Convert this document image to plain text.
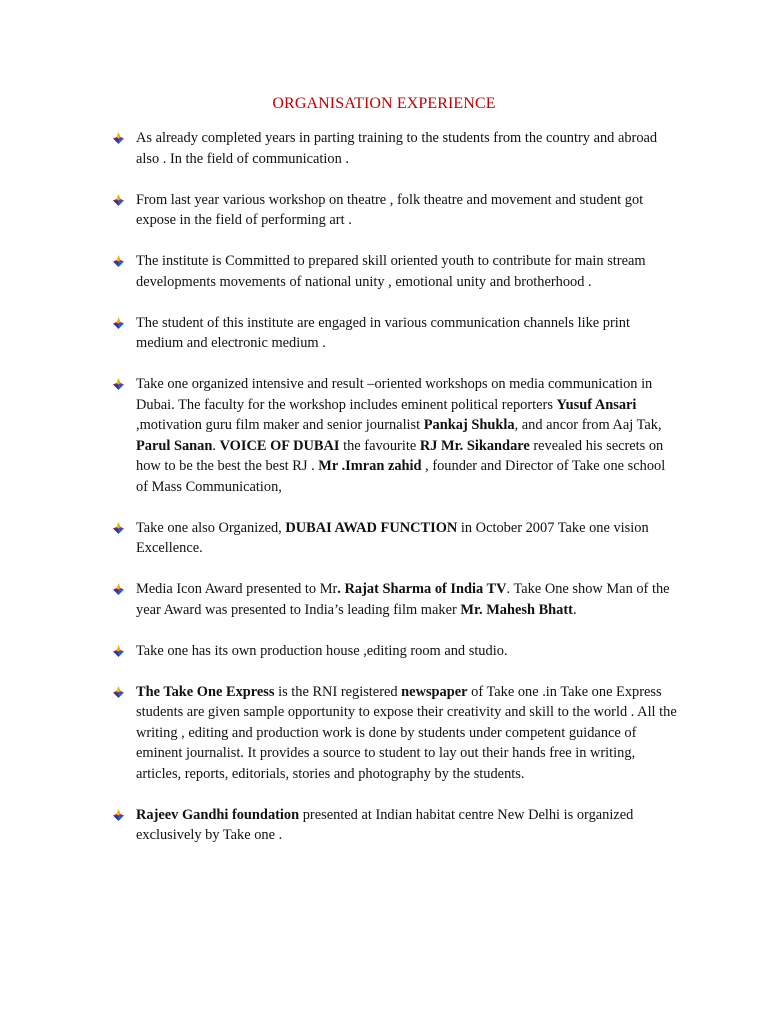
ORGANISATION EXPERIENCE
As already completed years in parting training to the students from the country and abroad also . In the field of communication .
From last year various workshop on theatre , folk theatre and movement and student got expose in the field of performing art .
The institute is Committed to prepared skill oriented youth to contribute for main stream developments movements of national unity , emotional unity and brotherhood .
The student of this institute are engaged in various communication channels like print medium and electronic medium .
Take one organized intensive and result –oriented workshops on media communication in Dubai. The faculty for the workshop includes eminent political reporters Yusuf Ansari ,motivation guru film maker and senior journalist Pankaj Shukla, and ancor from Aaj Tak, Parul Sanan. VOICE OF DUBAI the favourite RJ Mr. Sikandare revealed his secrets on how to be the best the best RJ . Mr .Imran zahid , founder and Director of Take one school of Mass Communication,
Take one also Organized, DUBAI AWAD FUNCTION in October 2007 Take one vision Excellence.
Media Icon Award presented to Mr. Rajat Sharma of India TV. Take One show Man of the year Award was presented to India’s leading film maker Mr. Mahesh Bhatt.
Take one has its own production house ,editing room and studio.
The Take One Express is the RNI registered newspaper of Take one .in Take one Express students are given sample opportunity to expose their creativity and skill to the world . All the writing , editing and production work is done by students under competent guidance of eminent journalist. It provides a source to student to lay out their hands free in writing, articles, reports, editorials, stories and photography by the students.
Rajeev Gandhi foundation presented at Indian habitat centre New Delhi is organized exclusively by Take one .
